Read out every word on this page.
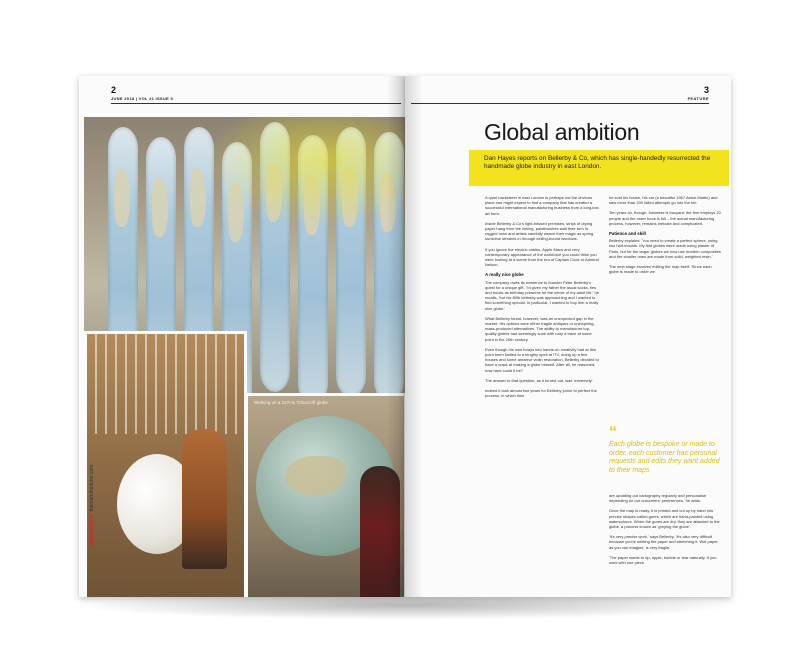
2
JUNE 2018 | VOL 21 ISSUE 5
Working on a 127cm 'Churchill' globe
Manufacturer  themanufacturer.com
3
FEATURE
Global ambition
Dan Hayes reports on Bellerby & Co, which has single-handedly resurrected the handmade globe industry in east London.

A quiet backstreet in east London is perhaps not the obvious place one might expect to find a company that has created a successful international manufacturing business from a long-lost art form.

Inside Bellerby & Co's light-infused premises, strips of drying paper hang from the ceiling, paintbrushes wait their turn in ragged rows and artists carefully weave their magic as spring sunshine streams in through ceiling-bound windows.

If you ignore the electric cables, Apple Macs and very contemporary appearance of the workforce you could think you were looking at a scene from the era of Captain Cook or Admiral Nelson.

A really nice globe

The company owes its existence to founder Peter Bellerby's quest for a unique gift. 'I'd given my father the usual socks, ties and books as birthday presents for the whole of my adult life,' he recalls, 'but his 80th birthday was approaching and I wanted to find something special. In particular, I wanted to buy him a really nice globe.'

What Bellerby found, however, was an unexpected gap in the market. His options were either fragile antiques or uninspiring, mass-produced alternatives. The ability to manufacture top-quality globes had seemingly sunk with nary a trace at some point in the 20th century.

Even though his own forays into hands-on creativity had at this point been limited to a lengthy spell at ITV, doing up a few houses and some amateur violin restoration, Bellerby decided to have a crack at making a globe himself. After all, he reasoned, how hard could it be?

The answer to that question, as it turned out, was 'extremely'.

Indeed it took almost two years for Bellerby junior to perfect the process, in which time

he sold his house, his car (a beautiful 1967 Aston Martin) and saw more than 200 failed attempts go into the bin.

Ten years on, though, business is buoyant; the firm employs 20 people and the order book is full – the actual manufacturing process, however, remains intricate and complicated.

Patience and skill

Bellerby explains: 'You need to create a perfect sphere, using two half-moulds. My first globes were made using plaster of Paris, but for the larger globes we now use modern composites and the smaller ones are made from solid, weighted resin.'

The next stage involves editing the map itself. 'Since each globe is made to order we

“
Each globe is bespoke or made to order, each customer has personal requests and edits they want added to their maps

are updating our cartography regularly and personalise depending on our customers' preferences,' he adds.

Once the map is ready, it is printed and cut up by hand into precise shapes called gores, which are hand-painted using watercolours. When the gores are dry, they are attached to the globe, a process known as 'gorying the globe'.

'It's very precise work,' says Bellerby. 'It's also very difficult because you're wetting the paper and stretching it. Wet paper, as you can imagine, is very fragile.

'The paper wants to rip, ripple, bubble or tear naturally. If you work with one piece
